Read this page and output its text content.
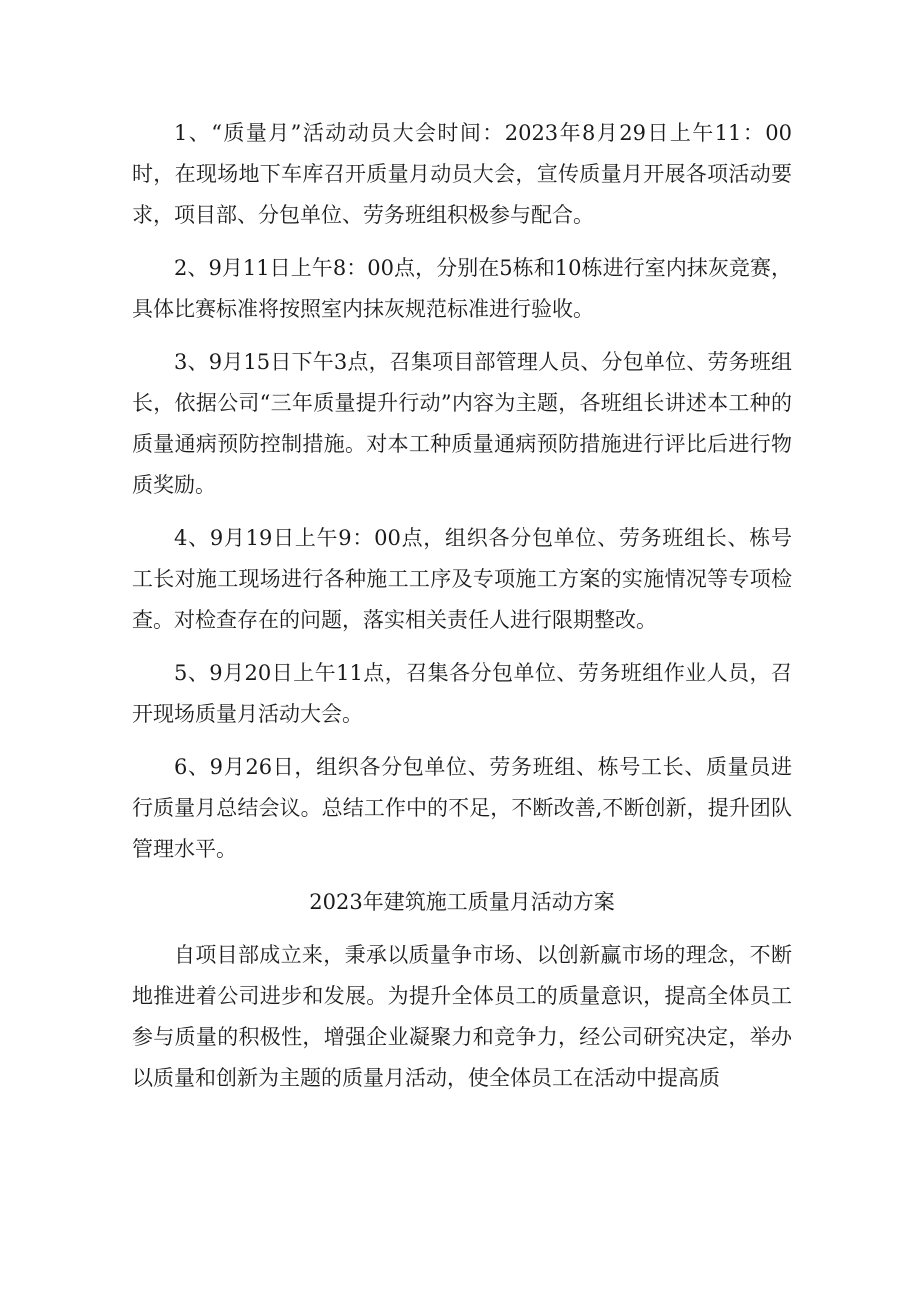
1、“质量月”活动动员大会时间：2023年8月29日上午11：00时，在现场地下车库召开质量月动员大会，宣传质量月开展各项活动要求，项目部、分包单位、劳务班组积极参与配合。

2、9月11日上午8：00点，分别在5栋和10栋进行室内抹灰竞赛，具体比赛标准将按照室内抹灰规范标准进行验收。

3、9月15日下午3点，召集项目部管理人员、分包单位、劳务班组长，依据公司“三年质量提升行动”内容为主题，各班组长讲述本工种的质量通病预防控制措施。对本工种质量通病预防措施进行评比后进行物质奖励。

4、9月19日上午9：00点，组织各分包单位、劳务班组长、栋号工长对施工现场进行各种施工工序及专项施工方案的实施情况等专项检查。对检查存在的问题，落实相关责任人进行限期整改。

5、9月20日上午11点，召集各分包单位、劳务班组作业人员，召开现场质量月活动大会。

6、9月26日，组织各分包单位、劳务班组、栋号工长、质量员进行质量月总结会议。总结工作中的不足，不断改善,不断创新，提升团队管理水平。

2023年建筑施工质量月活动方案

自项目部成立来，秉承以质量争市场、以创新赢市场的理念，不断地推进着公司进步和发展。为提升全体员工的质量意识，提高全体员工参与质量的积极性，增强企业凝聚力和竞争力，经公司研究决定，举办以质量和创新为主题的质量月活动，使全体员工在活动中提高质
